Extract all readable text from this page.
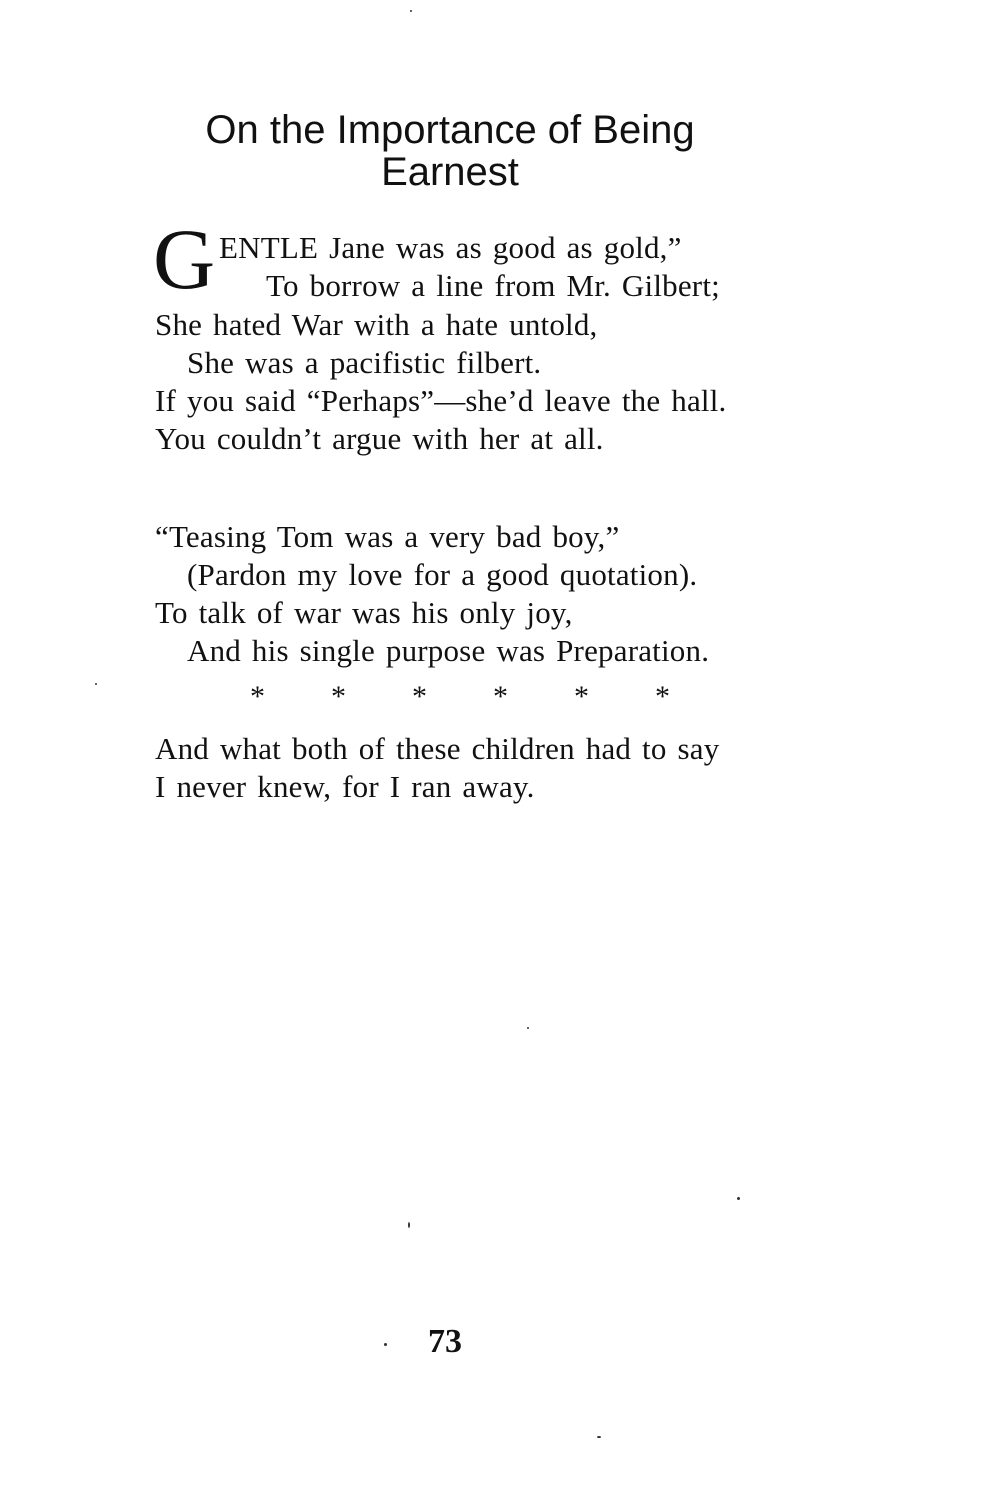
On the Importance of Being
Earnest
G ENTLE Jane was as good as gold,”
To borrow a line from Mr. Gilbert;
She hated War with a hate untold,
She was a pacifistic filbert.
If you said “Perhaps”—she’d leave the hall.
You couldn’t argue with her at all.
“Teasing Tom was a very bad boy,”
(Pardon my love for a good quotation).
To talk of war was his only joy,
And his single purpose was Preparation.
* * * * * *
And what both of these children had to say
I never knew, for I ran away.
73
